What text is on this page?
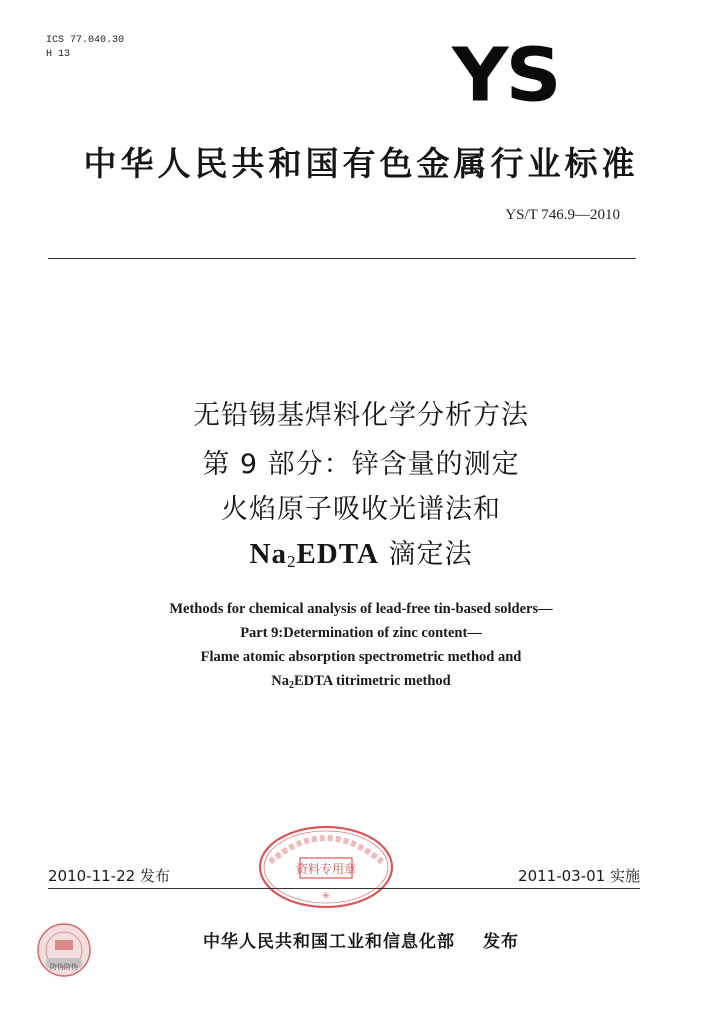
ICS 77.040.30
H 13	YS
中华人民共和国有色金属行业标准
YS/T 746.9—2010
无铅锡基焊料化学分析方法
第 9 部分：锌含量的测定
火焰原子吸收光谱法和
$Na_2EDTA$ 滴定法
Methods for chemical analysis of lead-free tin-based solders—
Part 9:Determination of zinc content—
Flame atomic absorption spectrometric method and
$Na_2EDTA$ titrimetric method
资料专用章
✳
2010-11-22 发布	2011-03-01 实施
防伪防伪
中华人民共和国工业和信息化部 发布
